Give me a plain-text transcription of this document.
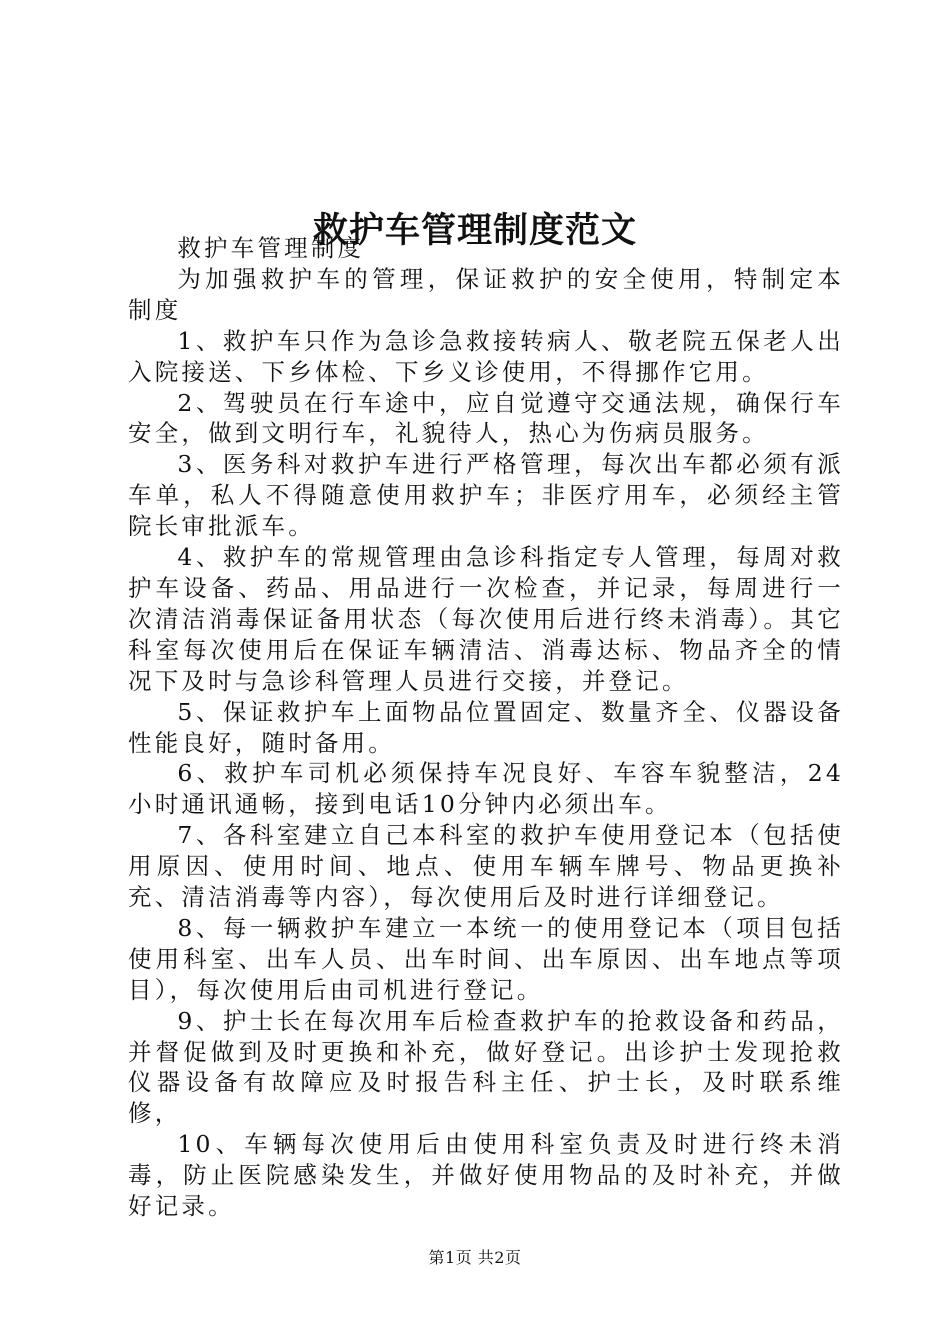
救护车管理制度范文

救护车管理制度

为加强救护车的管理，保证救护的安全使用，特制定本制度

1、救护车只作为急诊急救接转病人、敬老院五保老人出入院接送、下乡体检、下乡义诊使用，不得挪作它用。

2、驾驶员在行车途中，应自觉遵守交通法规，确保行车安全，做到文明行车，礼貌待人，热心为伤病员服务。

3、医务科对救护车进行严格管理，每次出车都必须有派车单，私人不得随意使用救护车；非医疗用车，必须经主管院长审批派车。

4、救护车的常规管理由急诊科指定专人管理，每周对救护车设备、药品、用品进行一次检查，并记录，每周进行一次清洁消毒保证备用状态（每次使用后进行终未消毒）。其它科室每次使用后在保证车辆清洁、消毒达标、物品齐全的情况下及时与急诊科管理人员进行交接，并登记。

5、保证救护车上面物品位置固定、数量齐全、仪器设备性能良好，随时备用。

6、救护车司机必须保持车况良好、车容车貌整洁，24小时通讯通畅，接到电话10分钟内必须出车。

7、各科室建立自己本科室的救护车使用登记本（包括使用原因、使用时间、地点、使用车辆车牌号、物品更换补充、清洁消毒等内容），每次使用后及时进行详细登记。

8、每一辆救护车建立一本统一的使用登记本（项目包括使用科室、出车人员、出车时间、出车原因、出车地点等项目），每次使用后由司机进行登记。

9、护士长在每次用车后检查救护车的抢救设备和药品，并督促做到及时更换和补充，做好登记。出诊护士发现抢救仪器设备有故障应及时报告科主任、护士长，及时联系维修，

10、车辆每次使用后由使用科室负责及时进行终未消毒，防止医院感染发生，并做好使用物品的及时补充，并做好记录。

第1页 共2页
